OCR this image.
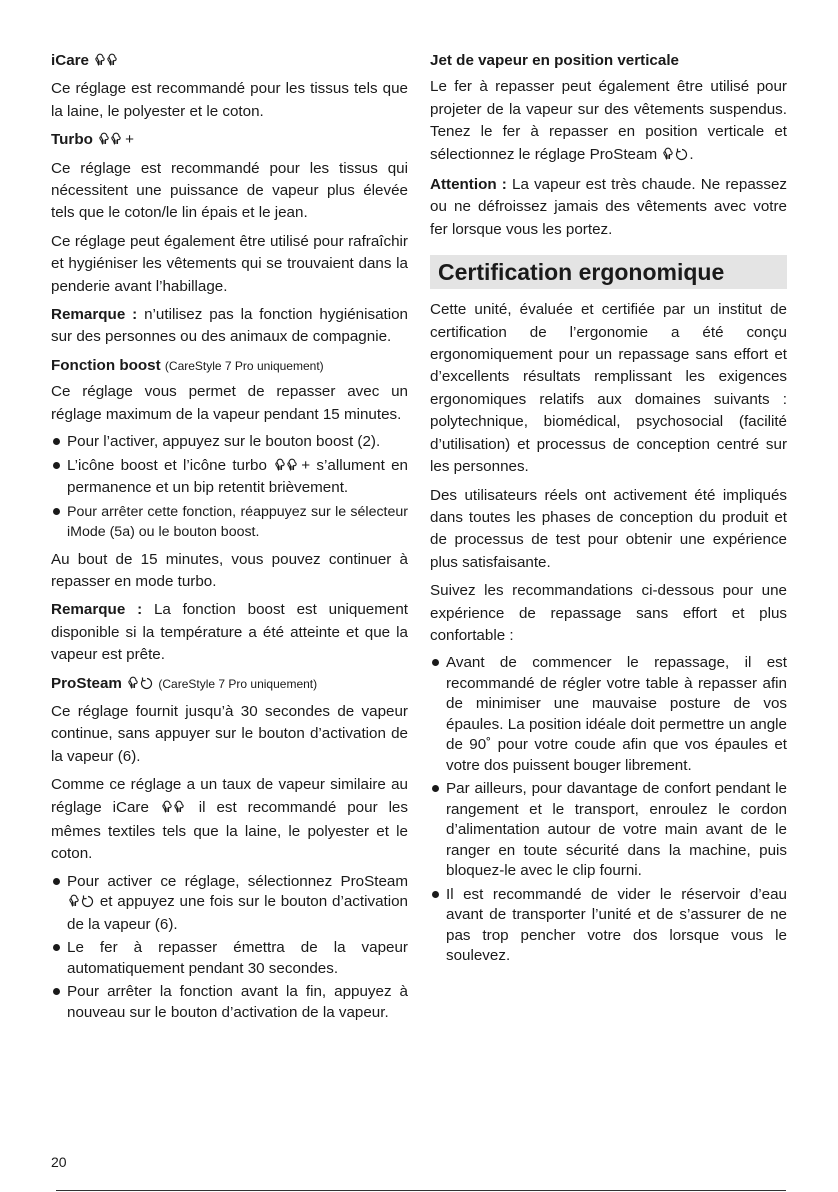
iCare

Ce réglage est recommandé pour les tissus tels que la laine, le polyester et le coton.

Turbo +

Ce réglage est recommandé pour les tissus qui nécessitent une puissance de vapeur plus élevée tels que le coton/le lin épais et le jean.

Ce réglage peut également être utilisé pour rafraîchir et hygiéniser les vêtements qui se trouvaient dans la penderie avant l’habillage.

Remarque : n’utilisez pas la fonction hygiénisation sur des personnes ou des animaux de compagnie.

Fonction boost (CareStyle 7 Pro uniquement)

Ce réglage vous permet de repasser avec un réglage maximum de la vapeur pendant 15 minutes.

Pour l’activer, appuyez sur le bouton boost (2).
L’icône boost et l’icône turbo + s’allument en permanence et un bip retentit brièvement.
Pour arrêter cette fonction, réappuyez sur le sélecteur iMode (5a) ou le bouton boost.

Au bout de 15 minutes, vous pouvez continuer à repasser en mode turbo.

Remarque : La fonction boost est uniquement disponible si la température a été atteinte et que la vapeur est prête.

ProSteam	(CareStyle 7 Pro uniquement)

Ce réglage fournit jusqu’à 30 secondes de vapeur continue, sans appuyer sur le bouton d’activation de la vapeur (6).

Comme ce réglage a un taux de vapeur similaire au réglage iCare	il est recommandé pour les mêmes textiles tels que la laine, le polyester et le coton.

Pour activer ce réglage, sélectionnez ProSteam  et appuyez une fois sur le bouton d’activation de la vapeur (6).
Le fer à repasser émettra de la vapeur automatiquement pendant 30 secondes.
Pour arrêter la fonction avant la fin, appuyez à nouveau sur le bouton d’activation de la vapeur.
Jet de vapeur en position verticale

Le fer à repasser peut également être utilisé pour projeter de la vapeur sur des vêtements suspendus. Tenez le fer à repasser en position verticale et sélectionnez le réglage ProSteam .

Attention : La vapeur est très chaude. Ne repassez ou ne défroissez jamais des vêtements avec votre fer lorsque vous les portez.

Certification ergonomique

Cette unité, évaluée et certifiée par un institut de certification de l’ergonomie a été conçu ergonomiquement pour un repassage sans effort et d’excellents résultats remplissant les exigences ergonomiques relatifs aux domaines suivants : polytechnique, biomédical, psychosocial (facilité d’utilisation) et processus de conception centré sur les personnes.

Des utilisateurs réels ont activement été impliqués dans toutes les phases de conception du produit et de processus de test pour obtenir une expérience plus satisfaisante.

Suivez les recommandations ci-dessous pour une expérience de repassage sans effort et plus confortable :

Avant de commencer le repassage, il est recommandé de régler votre table à repasser afin de minimiser une mauvaise posture de vos épaules. La position idéale doit permettre un angle de 90˚ pour votre coude afin que vos épaules et votre dos puissent bouger librement.
Par ailleurs, pour davantage de confort pendant le rangement et le transport, enroulez le cordon d’alimentation autour de votre main avant de le ranger en toute sécurité dans la machine, puis bloquez-le avec le clip fourni.
Il est recommandé de vider le réservoir d’eau avant de transporter l’unité et de s’assurer de ne pas trop pencher votre dos lorsque vous le soulevez.
20
